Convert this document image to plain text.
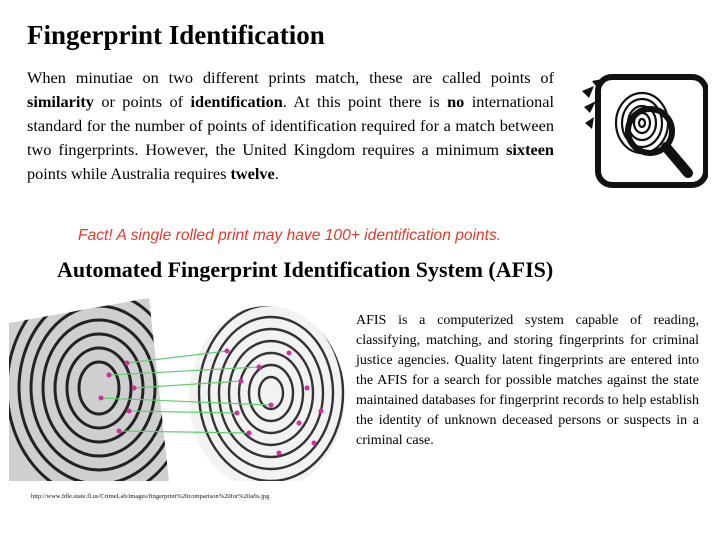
Fingerprint Identification
When minutiae on two different prints match, these are called points of similarity or points of identification. At this point there is no international standard for the number of points of identification required for a match between two fingerprints. However, the United Kingdom requires a minimum sixteen points while Australia requires twelve.
Fact! A single rolled print may have 100+ identification points.
Automated Fingerprint Identification System (AFIS)
AFIS is a computerized system capable of reading, classifying, matching, and storing fingerprints for criminal justice agencies. Quality latent fingerprints are entered into the AFIS for a search for possible matches against the state maintained databases for fingerprint records to help establish the identity of unknown deceased persons or suspects in a criminal case.
http://www.fdle.state.fl.us/CrimeLab/images/fingerprint%20comparison%20for%20afis.jpg
